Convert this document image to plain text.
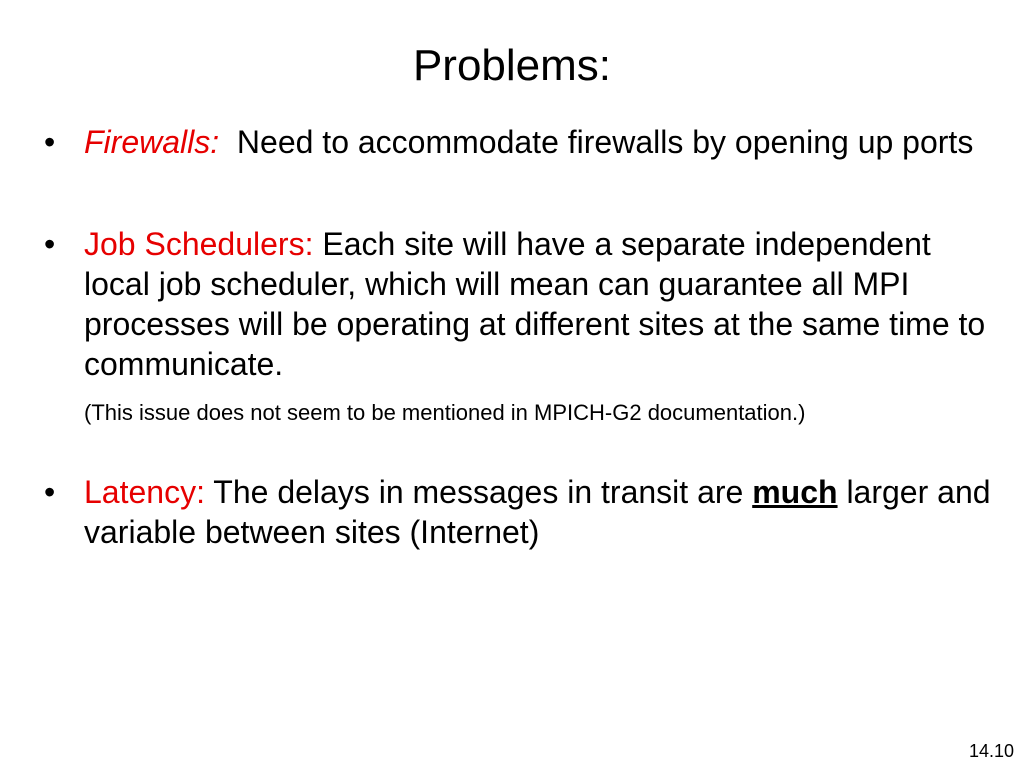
Problems:
• Firewalls: Need to accommodate firewalls by opening up ports
• Job Schedulers: Each site will have a separate independent local job scheduler, which will mean can guarantee all MPI processes will be operating at different sites at the same time to communicate.
(This issue does not seem to be mentioned in MPICH-G2 documentation.)
• Latency: The delays in messages in transit are much larger and variable between sites (Internet)
14.10
